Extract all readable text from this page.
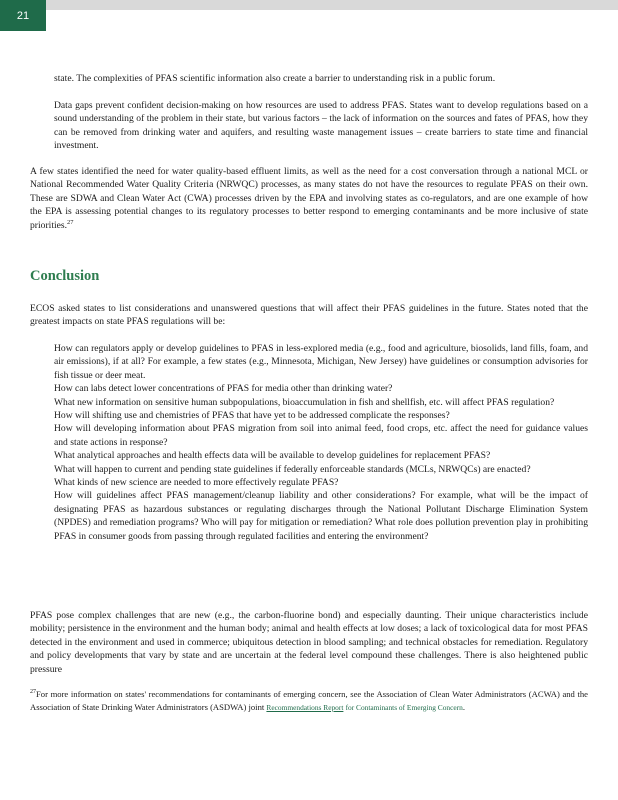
21

state. The complexities of PFAS scientific information also create a barrier to understanding risk in a public forum.

Data gaps prevent confident decision-making on how resources are used to address PFAS. States want to develop regulations based on a sound understanding of the problem in their state, but various factors – the lack of information on the sources and fates of PFAS, how they can be removed from drinking water and aquifers, and resulting waste management issues – create barriers to state time and financial investment.

A few states identified the need for water quality-based effluent limits, as well as the need for a cost conversation through a national MCL or National Recommended Water Quality Criteria (NRWQC) processes, as many states do not have the resources to regulate PFAS on their own. These are SDWA and Clean Water Act (CWA) processes driven by the EPA and involving states as co-regulators, and are one example of how the EPA is assessing potential changes to its regulatory processes to better respond to emerging contaminants and be more inclusive of state priorities.$^{27}$

Conclusion

ECOS asked states to list considerations and unanswered questions that will affect their PFAS guidelines in the future. States noted that the greatest impacts on state PFAS regulations will be:

How can regulators apply or develop guidelines to PFAS in less-explored media (e.g., food and agriculture, biosolids, land fills, foam, and air emissions), if at all? For example, a few states (e.g., Minnesota, Michigan, New Jersey) have guidelines or consumption advisories for fish tissue or deer meat.
How can labs detect lower concentrations of PFAS for media other than drinking water?
What new information on sensitive human subpopulations, bioaccumulation in fish and shellfish, etc. will affect PFAS regulation?
How will shifting use and chemistries of PFAS that have yet to be addressed complicate the responses?
How will developing information about PFAS migration from soil into animal feed, food crops, etc. affect the need for guidance values and state actions in response?
What analytical approaches and health effects data will be available to develop guidelines for replacement PFAS?
What will happen to current and pending state guidelines if federally enforceable standards (MCLs, NRWQCs) are enacted?
What kinds of new science are needed to more effectively regulate PFAS?
How will guidelines affect PFAS management/cleanup liability and other considerations? For example, what will be the impact of designating PFAS as hazardous substances or regulating discharges through the National Pollutant Discharge Elimination System (NPDES) and remediation programs? Who will pay for mitigation or remediation? What role does pollution prevention play in prohibiting PFAS in consumer goods from passing through regulated facilities and entering the environment?

PFAS pose complex challenges that are new (e.g., the carbon-fluorine bond) and especially daunting. Their unique characteristics include mobility; persistence in the environment and the human body; animal and health effects at low doses; a lack of toxicological data for most PFAS detected in the environment and used in commerce; ubiquitous detection in blood sampling; and technical obstacles for remediation. Regulatory and policy developments that vary by state and are uncertain at the federal level compound these challenges. There is also heightened public pressure

$^{27}$For more information on states' recommendations for contaminants of emerging concern, see the Association of Clean Water Administrators (ACWA) and the Association of State Drinking Water Administrators (ASDWA) joint Recommendations Report for Contaminants of Emerging Concern.
